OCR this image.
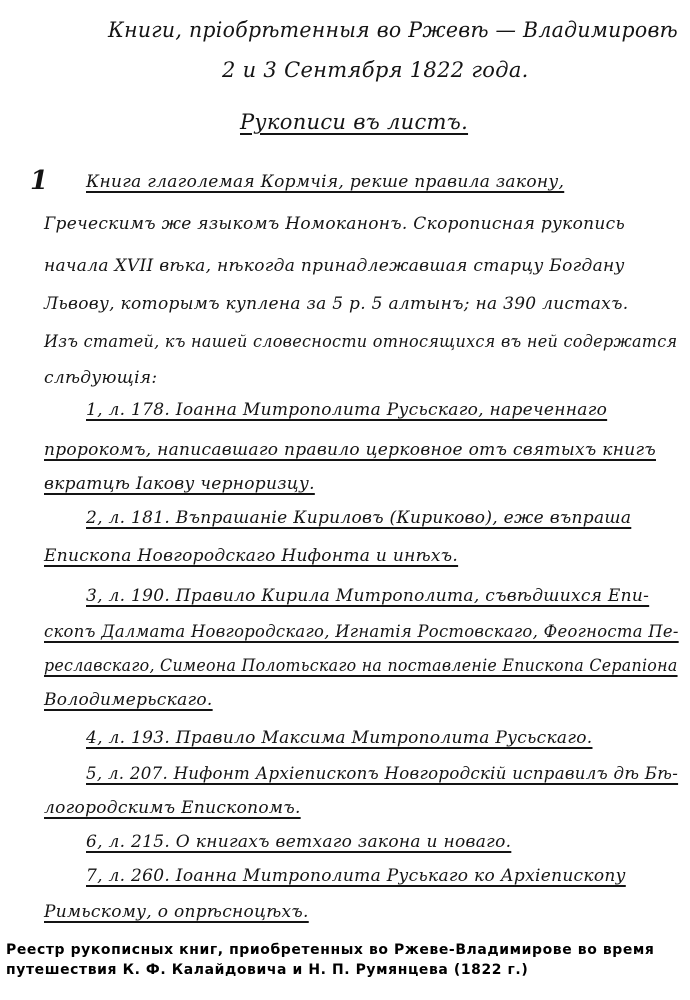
Книги, пріобрѣтенныя во Ржевѣ — Владимировѣ
2 и 3 Сентября 1822 года.
Рукописи въ листъ.
1 Книга глаголемая Кормчія, рекше правила закону,
Греческимъ же языкомъ Номоканонъ. Скорописная рукопись
начала XVII вѣка, нѣкогда принадлежавшая старцу Богдану
Львову, которымъ куплена за 5 р. 5 алтынъ; на 390 листахъ.
Изъ статей, къ нашей словесности относящихся въ ней содержатся
слѣдующія:
1, л. 178. Іоанна Митрополита Русьскаго, нареченнаго
пророкомъ, написавшаго правило церковное отъ святыхъ книгъ
вкратцѣ Іакову черноризцу.
2, л. 181. Въпрашаніе Кириловъ (Кириково), еже въпраша
Епископа Новгородскаго Нифонта и инѣхъ.
3, л. 190. Правило Кирила Митрополита, съвѣдшихся Епи-
скопъ Далмата Новгородскаго, Игнатія Ростовскаго, Феогноста Пе-
реславскаго, Симеона Полотьскаго на поставленіе Епископа Серапіона
Володимерьскаго.
4, л. 193. Правило Максима Митрополита Русьскаго.
5, л. 207. Нифонт Архіепископъ Новгородскій исправилъ дѣ Бѣ-
логородскимъ Епископомъ.
6, л. 215. О книгахъ ветхаго закона и новаго.
7, л. 260. Іоанна Митрополита Руськаго ко Архіепископу
Римьскому, о опрѣсноцѣхъ.
Реестр рукописных книг, приобретенных во Ржеве-Владимирове во время
путешествия К. Ф. Калайдовича и Н. П. Румянцева (1822 г.)
